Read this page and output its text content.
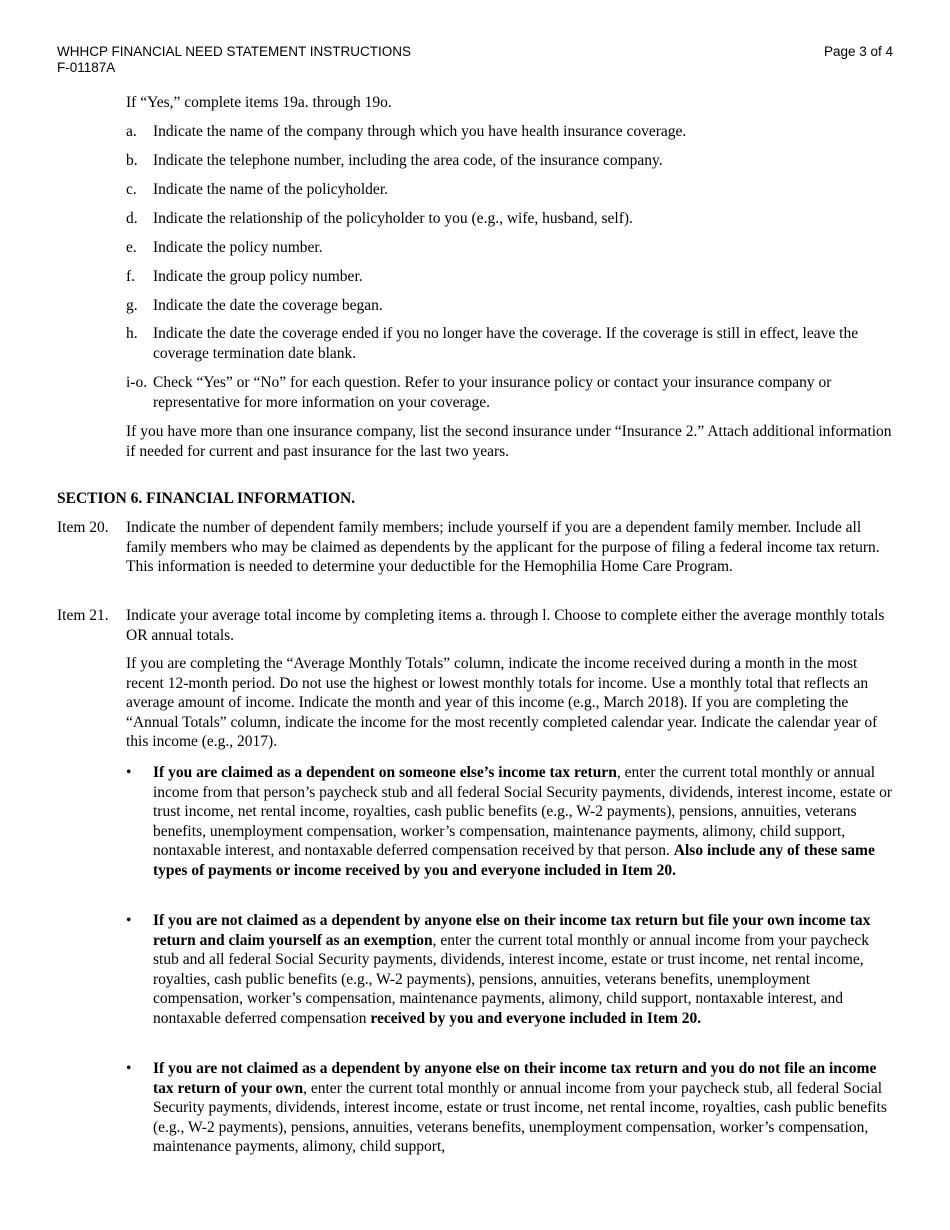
WHHCP FINANCIAL NEED STATEMENT INSTRUCTIONS
F-01187A
Page 3 of 4

If “Yes,” complete items 19a. through 19o.

a. Indicate the name of the company through which you have health insurance coverage.
b. Indicate the telephone number, including the area code, of the insurance company.
c. Indicate the name of the policyholder.
d. Indicate the relationship of the policyholder to you (e.g., wife, husband, self).
e. Indicate the policy number.
f. Indicate the group policy number.
g. Indicate the date the coverage began.
h. Indicate the date the coverage ended if you no longer have the coverage. If the coverage is still in effect, leave the coverage termination date blank.
i-o. Check “Yes” or “No” for each question. Refer to your insurance policy or contact your insurance company or representative for more information on your coverage.

If you have more than one insurance company, list the second insurance under “Insurance 2.” Attach additional information if needed for current and past insurance for the last two years.

SECTION 6. FINANCIAL INFORMATION.
Item 20. Indicate the number of dependent family members; include yourself if you are a dependent family member. Include all family members who may be claimed as dependents by the applicant for the purpose of filing a federal income tax return. This information is needed to determine your deductible for the Hemophilia Home Care Program.
Item 21. Indicate your average total income by completing items a. through l. Choose to complete either the average monthly totals OR annual totals.

If you are completing the “Average Monthly Totals” column, indicate the income received during a month in the most recent 12-month period. Do not use the highest or lowest monthly totals for income. Use a monthly total that reflects an average amount of income. Indicate the month and year of this income (e.g., March 2018). If you are completing the “Annual Totals” column, indicate the income for the most recently completed calendar year. Indicate the calendar year of this income (e.g., 2017).

• If you are claimed as a dependent on someone else’s income tax return, enter the current total monthly or annual income from that person’s paycheck stub and all federal Social Security payments, dividends, interest income, estate or trust income, net rental income, royalties, cash public benefits (e.g., W-2 payments), pensions, annuities, veterans benefits, unemployment compensation, worker’s compensation, maintenance payments, alimony, child support, nontaxable interest, and nontaxable deferred compensation received by that person. Also include any of these same types of payments or income received by you and everyone included in Item 20.
• If you are not claimed as a dependent by anyone else on their income tax return but file your own income tax return and claim yourself as an exemption, enter the current total monthly or annual income from your paycheck stub and all federal Social Security payments, dividends, interest income, estate or trust income, net rental income, royalties, cash public benefits (e.g., W-2 payments), pensions, annuities, veterans benefits, unemployment compensation, worker’s compensation, maintenance payments, alimony, child support, nontaxable interest, and nontaxable deferred compensation received by you and everyone included in Item 20.
• If you are not claimed as a dependent by anyone else on their income tax return and you do not file an income tax return of your own, enter the current total monthly or annual income from your paycheck stub, all federal Social Security payments, dividends, interest income, estate or trust income, net rental income, royalties, cash public benefits (e.g., W-2 payments), pensions, annuities, veterans benefits, unemployment compensation, worker’s compensation, maintenance payments, alimony, child support,
